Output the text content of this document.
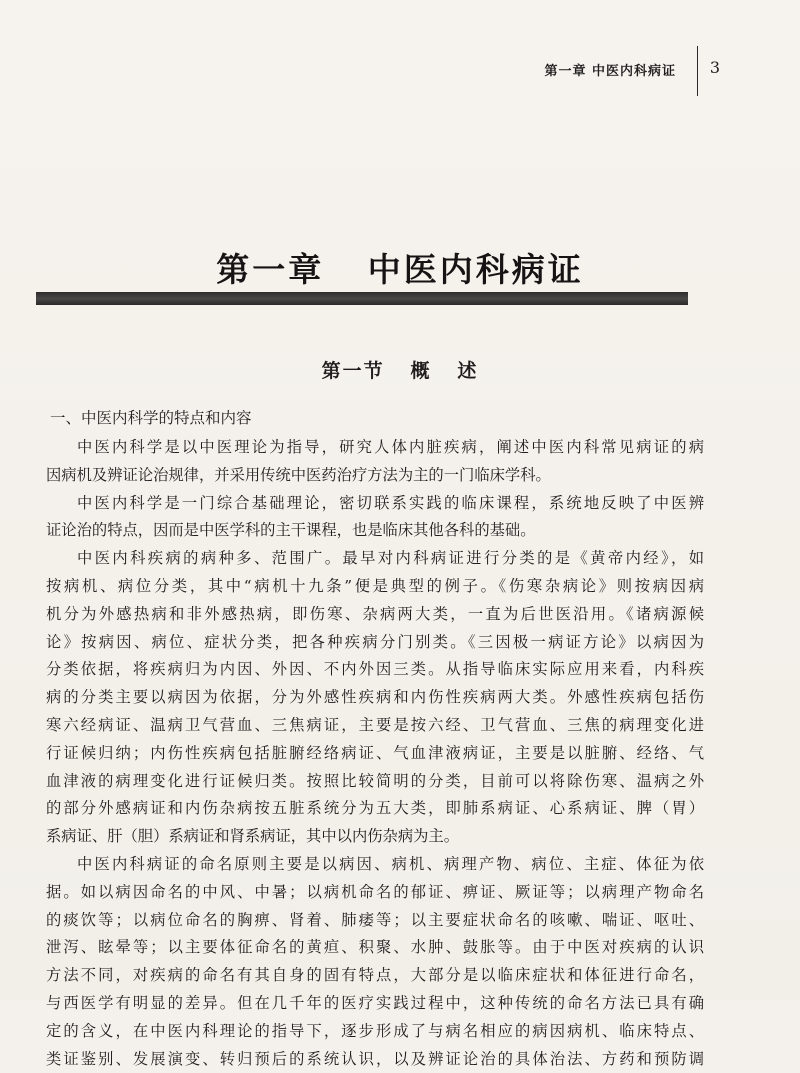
第一章 中医内科病证 3
第一章   中医内科病证
第一节   概   述
一、中医内科学的特点和内容
中医内科学是以中医理论为指导，研究人体内脏疾病，阐述中医内科常见病证的病
因病机及辨证论治规律，并采用传统中医药治疗方法为主的一门临床学科。
中医内科学是一门综合基础理论，密切联系实践的临床课程，系统地反映了中医辨
证论治的特点，因而是中医学科的主干课程，也是临床其他各科的基础。
中医内科疾病的病种多、范围广。最早对内科病证进行分类的是《黄帝内经》，如
按病机、病位分类，其中“病机十九条”便是典型的例子。《伤寒杂病论》则按病因病
机分为外感热病和非外感热病，即伤寒、杂病两大类，一直为后世医沿用。《诸病源候
论》按病因、病位、症状分类，把各种疾病分门别类。《三因极一病证方论》以病因为
分类依据，将疾病归为内因、外因、不内外因三类。从指导临床实际应用来看，内科疾
病的分类主要以病因为依据，分为外感性疾病和内伤性疾病两大类。外感性疾病包括伤
寒六经病证、温病卫气营血、三焦病证，主要是按六经、卫气营血、三焦的病理变化进
行证候归纳；内伤性疾病包括脏腑经络病证、气血津液病证，主要是以脏腑、经络、气
血津液的病理变化进行证候归类。按照比较简明的分类，目前可以将除伤寒、温病之外
的部分外感病证和内伤杂病按五脏系统分为五大类，即肺系病证、心系病证、脾（胃）
系病证、肝（胆）系病证和肾系病证，其中以内伤杂病为主。
中医内科病证的命名原则主要是以病因、病机、病理产物、病位、主症、体征为依
据。如以病因命名的中风、中暑；以病机命名的郁证、痹证、厥证等；以病理产物命名
的痰饮等；以病位命名的胸痹、肾着、肺痿等；以主要症状命名的咳嗽、喘证、呕吐、
泄泻、眩晕等；以主要体征命名的黄疸、积聚、水肿、鼓胀等。由于中医对疾病的认识
方法不同，对疾病的命名有其自身的固有特点，大部分是以临床症状和体征进行命名，
与西医学有明显的差异。但在几千年的医疗实践过程中，这种传统的命名方法已具有确
定的含义，在中医内科理论的指导下，逐步形成了与病名相应的病因病机、临床特点、
类证鉴别、发展演变、转归预后的系统认识，以及辨证论治的具体治法、方药和预防调
